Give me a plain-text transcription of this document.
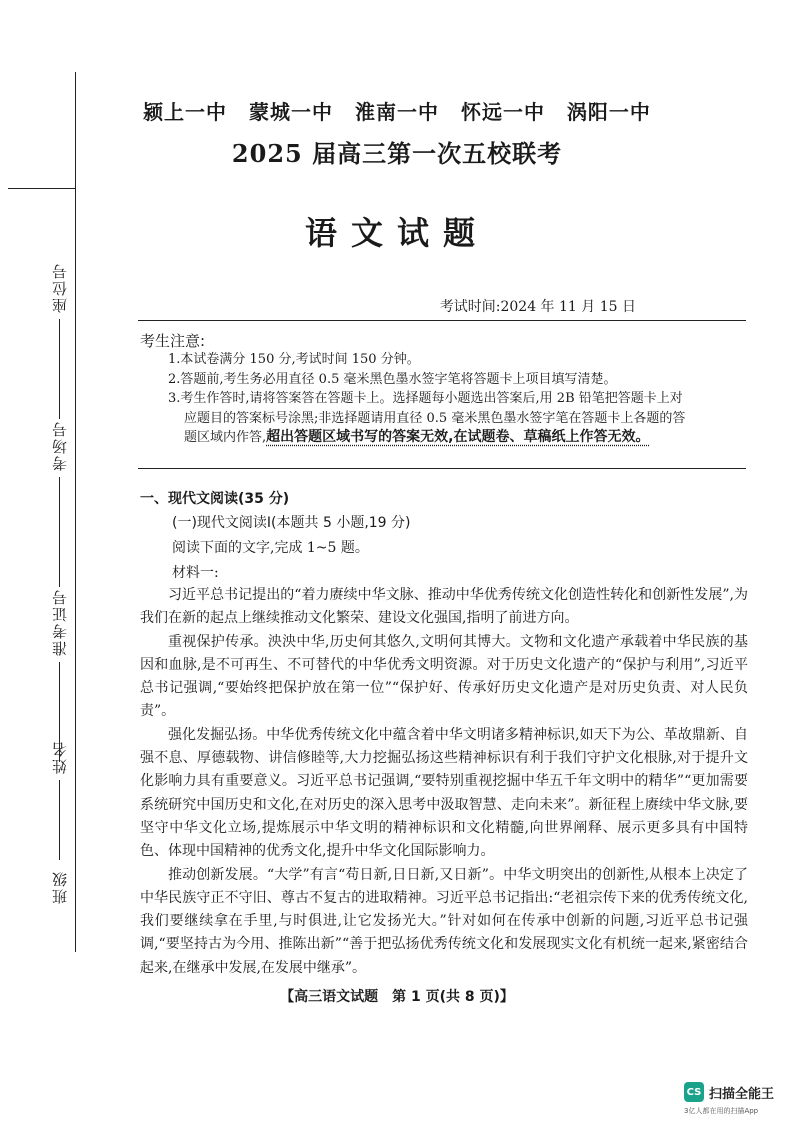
座位号
考场号
准考证号
姓名
班级
颍上一中 蒙城一中 淮南一中 怀远一中 涡阳一中
2025 届高三第一次五校联考
语文试题
考试时间:2024 年 11 月 15 日
考生注意:
1.本试卷满分 150 分,考试时间 150 分钟。
2.答题前,考生务必用直径 0.5 毫米黑色墨水签字笔将答题卡上项目填写清楚。
3.考生作答时,请将答案答在答题卡上。选择题每小题选出答案后,用 2B 铅笔把答题卡上对
应题目的答案标号涂黑;非选择题请用直径 0.5 毫米黑色墨水签字笔在答题卡上各题的答
题区域内作答,超出答题区域书写的答案无效,在试题卷、草稿纸上作答无效。
一、现代文阅读(35 分)
(一)现代文阅读Ⅰ(本题共 5 小题,19 分)
阅读下面的文字,完成 1~5 题。
材料一:

习近平总书记提出的“着力赓续中华文脉、推动中华优秀传统文化创造性转化和创新性发展”,为我们在新的起点上继续推动文化繁荣、建设文化强国,指明了前进方向。

重视保护传承。泱泱中华,历史何其悠久,文明何其博大。文物和文化遗产承载着中华民族的基因和血脉,是不可再生、不可替代的中华优秀文明资源。对于历史文化遗产的“保护与利用”,习近平总书记强调,“要始终把保护放在第一位”“保护好、传承好历史文化遗产是对历史负责、对人民负责”。

强化发掘弘扬。中华优秀传统文化中蕴含着中华文明诸多精神标识,如天下为公、革故鼎新、自强不息、厚德载物、讲信修睦等,大力挖掘弘扬这些精神标识有利于我们守护文化根脉,对于提升文化影响力具有重要意义。习近平总书记强调,“要特别重视挖掘中华五千年文明中的精华”“更加需要系统研究中国历史和文化,在对历史的深入思考中汲取智慧、走向未来”。新征程上赓续中华文脉,要坚守中华文化立场,提炼展示中华文明的精神标识和文化精髓,向世界阐释、展示更多具有中国特色、体现中国精神的优秀文化,提升中华文化国际影响力。

推动创新发展。“大学”有言“苟日新,日日新,又日新”。中华文明突出的创新性,从根本上决定了中华民族守正不守旧、尊古不复古的进取精神。习近平总书记指出:“老祖宗传下来的优秀传统文化,我们要继续拿在手里,与时俱进,让它发扬光大。”针对如何在传承中创新的问题,习近平总书记强调,“要坚持古为今用、推陈出新”“善于把弘扬优秀传统文化和发展现实文化有机统一起来,紧密结合起来,在继承中发展,在发展中继承”。

【高三语文试题　第 1 页(共 8 页)】
CS 扫描全能王
3亿人都在用的扫描App
